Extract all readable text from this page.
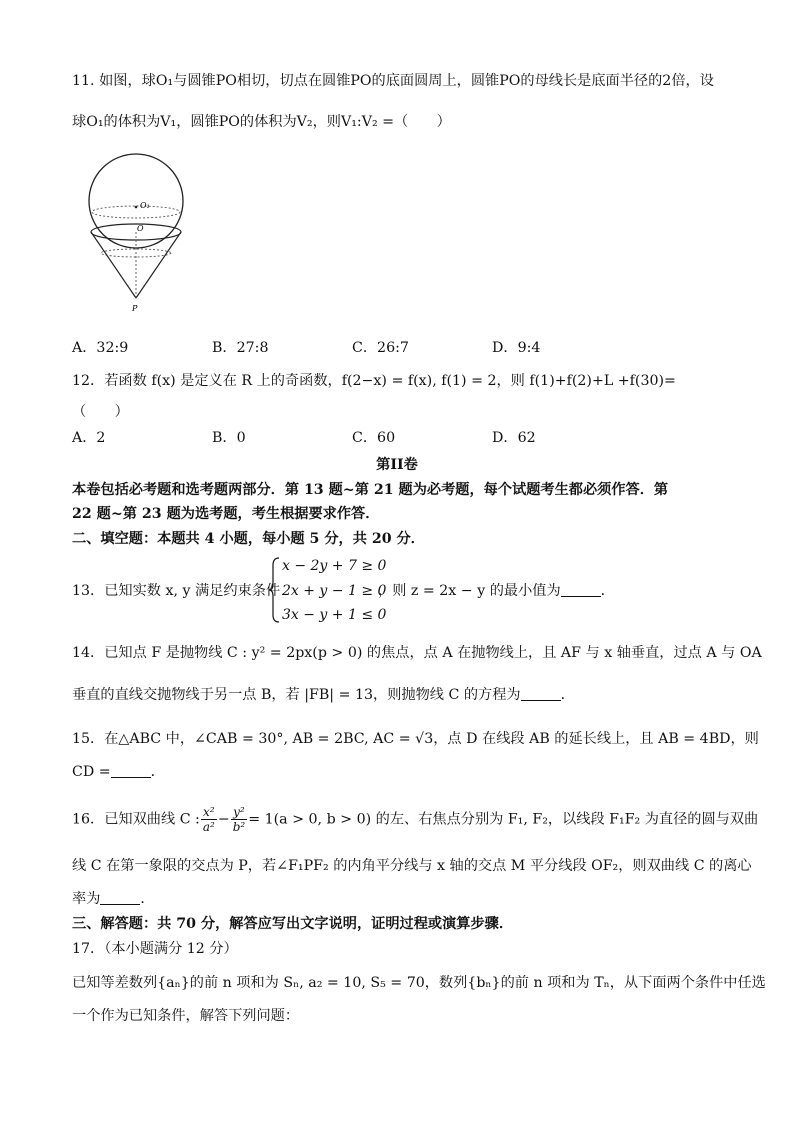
11. 如图，球O₁与圆锥PO相切，切点在圆锥PO的底面圆周上，圆锥PO的母线长是底面半径的2倍，设
球O₁的体积为V₁，圆锥PO的体积为V₂，则V₁:V₂ =（　　）
O₁
O
P
A．32:9	B．27:8	C．26:7	D．9:4
12．若函数 f(x) 是定义在 R 上的奇函数，f(2−x) = f(x), f(1) = 2，则 f(1)+f(2)+L +f(30)=
（　　）
A．2	B．0	C．60	D．62
第II卷
本卷包括必考题和选考题两部分．第 13 题~第 21 题为必考题，每个试题考生都必须作答．第
22 题~第 23 题为选考题，考生根据要求作答．
二、填空题：本题共 4 小题，每小题 5 分，共 20 分．
13．已知实数 x, y 满足约束条件
x − 2y + 7 ≥ 0
2x + y − 1 ≥ 0
3x − y + 1 ≤ 0
，则 z = 2x − y 的最小值为	．
14．已知点 F 是抛物线 C : y² = 2px(p > 0) 的焦点，点 A 在抛物线上，且 AF 与 x 轴垂直，过点 A 与 OA
垂直的直线交抛物线于另一点 B，若 |FB| = 13，则抛物线 C 的方程为	．
15．在△ABC 中，∠CAB = 30°, AB = 2BC, AC = √3，点 D 在线段 AB 的延长线上，且 AB = 4BD，则
CD =	．
16．已知双曲线 C : $\frac{\text{x²}}{\text{a²}} - \frac{\text{y²}}{\text{b²}} = 1(a > 0$, b > 0) 的左、右焦点分别为 F₁, F₂，以线段 F₁F₂ 为直径的圆与双曲
线 C 在第一象限的交点为 P，若∠F₁PF₂ 的内角平分线与 x 轴的交点 M 平分线段 OF₂，则双曲线 C 的离心
率为	．
三、解答题：共 70 分，解答应写出文字说明，证明过程或演算步骤．
17．（本小题满分 12 分）
已知等差数列{aₙ}的前 n 项和为 Sₙ, a₂ = 10, S₅ = 70，数列{bₙ}的前 n 项和为 Tₙ，从下面两个条件中任选
一个作为已知条件，解答下列问题：
